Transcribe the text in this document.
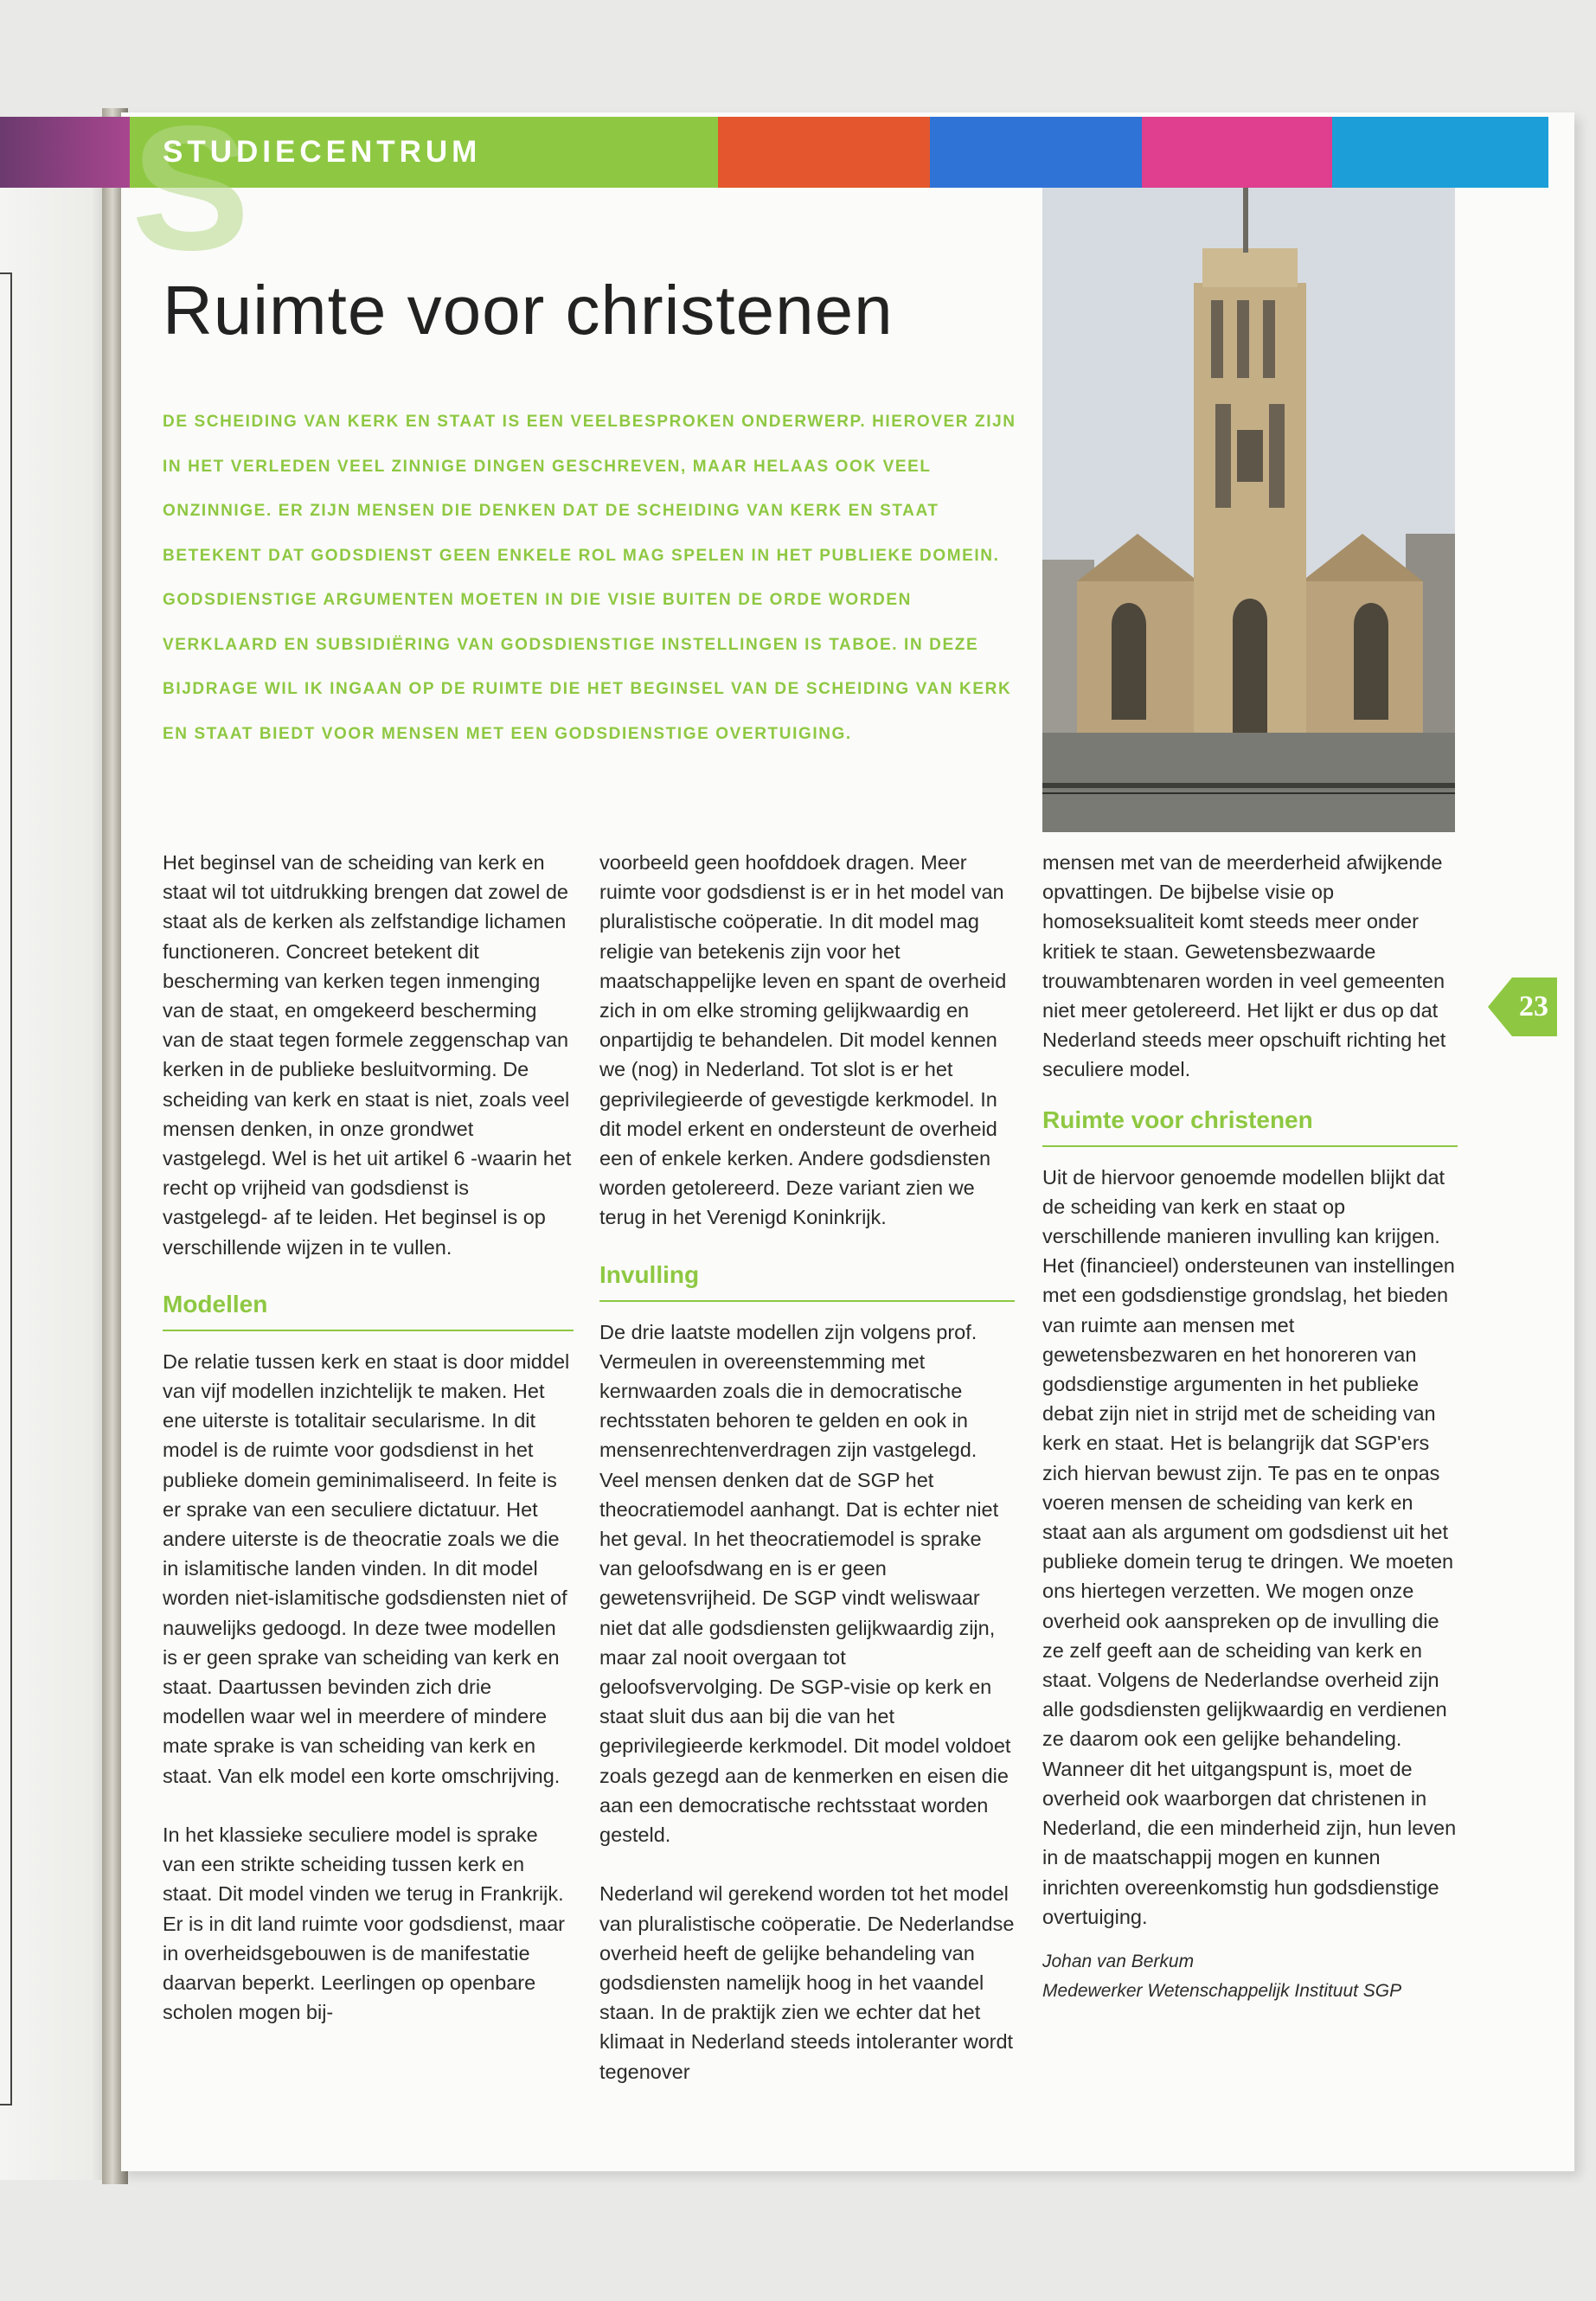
S
STUDIECENTRUM
Ruimte voor christenen

DE SCHEIDING VAN KERK EN STAAT IS EEN VEELBESPROKEN ONDERWERP. HIEROVER ZIJN IN HET VERLEDEN VEEL ZINNIGE DINGEN GESCHREVEN, MAAR HELAAS OOK VEEL ONZINNIGE. ER ZIJN MENSEN DIE DENKEN DAT DE SCHEIDING VAN KERK EN STAAT BETEKENT DAT GODSDIENST GEEN ENKELE ROL MAG SPELEN IN HET PUBLIEKE DOMEIN. GODSDIENSTIGE ARGUMENTEN MOETEN IN DIE VISIE BUITEN DE ORDE WORDEN VERKLAARD EN SUBSIDIËRING VAN GODSDIENSTIGE INSTELLINGEN IS TABOE. IN DEZE BIJDRAGE WIL IK INGAAN OP DE RUIMTE DIE HET BEGINSEL VAN DE SCHEIDING VAN KERK EN STAAT BIEDT VOOR MENSEN MET EEN GODSDIENSTIGE OVERTUIGING.

Het beginsel van de scheiding van kerk en staat wil tot uitdrukking brengen dat zowel de staat als de kerken als zelfstandige lichamen functioneren. Concreet betekent dit bescherming van kerken tegen inmenging van de staat, en omgekeerd bescherming van de staat tegen formele zeggenschap van kerken in de publieke besluitvorming. De scheiding van kerk en staat is niet, zoals veel mensen denken, in onze grondwet vastgelegd. Wel is het uit artikel 6 -waarin het recht op vrijheid van godsdienst is vastgelegd- af te leiden. Het beginsel is op verschillende wijzen in te vullen.

Modellen

De relatie tussen kerk en staat is door middel van vijf modellen inzichtelijk te maken. Het ene uiterste is totalitair secularisme. In dit model is de ruimte voor godsdienst in het publieke domein geminimaliseerd. In feite is er sprake van een seculiere dictatuur. Het andere uiterste is de theocratie zoals we die in islamitische landen vinden. In dit model worden niet-islamitische godsdiensten niet of nauwelijks gedoogd. In deze twee modellen is er geen sprake van scheiding van kerk en staat. Daartussen bevinden zich drie modellen waar wel in meerdere of mindere mate sprake is van scheiding van kerk en staat. Van elk model een korte omschrijving.

In het klassieke seculiere model is sprake van een strikte scheiding tussen kerk en staat. Dit model vinden we terug in Frankrijk. Er is in dit land ruimte voor godsdienst, maar in overheidsgebouwen is de manifestatie daarvan beperkt. Leerlingen op openbare scholen mogen bij-

voorbeeld geen hoofddoek dragen. Meer ruimte voor godsdienst is er in het model van pluralistische coöperatie. In dit model mag religie van betekenis zijn voor het maatschappelijke leven en spant de overheid zich in om elke stroming gelijkwaardig en onpartijdig te behandelen. Dit model kennen we (nog) in Nederland. Tot slot is er het geprivilegieerde of gevestigde kerkmodel. In dit model erkent en ondersteunt de overheid een of enkele kerken. Andere godsdiensten worden getolereerd. Deze variant zien we terug in het Verenigd Koninkrijk.

Invulling

De drie laatste modellen zijn volgens prof. Vermeulen in overeenstemming met kernwaarden zoals die in democratische rechtsstaten behoren te gelden en ook in mensenrechtenverdragen zijn vastgelegd. Veel mensen denken dat de SGP het theocratiemodel aanhangt. Dat is echter niet het geval. In het theocratiemodel is sprake van geloofsdwang en is er geen gewetensvrijheid. De SGP vindt weliswaar niet dat alle godsdiensten gelijkwaardig zijn, maar zal nooit overgaan tot geloofsvervolging. De SGP-visie op kerk en staat sluit dus aan bij die van het geprivilegieerde kerkmodel. Dit model voldoet zoals gezegd aan de kenmerken en eisen die aan een democratische rechtsstaat worden gesteld.

Nederland wil gerekend worden tot het model van pluralistische coöperatie. De Nederlandse overheid heeft de gelijke behandeling van godsdiensten namelijk hoog in het vaandel staan. In de praktijk zien we echter dat het klimaat in Nederland steeds intoleranter wordt tegenover

mensen met van de meerderheid afwijkende opvattingen. De bijbelse visie op homoseksualiteit komt steeds meer onder kritiek te staan. Gewetensbezwaarde trouwambtenaren worden in veel gemeenten niet meer getolereerd. Het lijkt er dus op dat Nederland steeds meer opschuift richting het seculiere model.

Ruimte voor christenen

Uit de hiervoor genoemde modellen blijkt dat de scheiding van kerk en staat op verschillende manieren invulling kan krijgen. Het (financieel) ondersteunen van instellingen met een godsdienstige grondslag, het bieden van ruimte aan mensen met gewetensbezwaren en het honoreren van godsdienstige argumenten in het publieke debat zijn niet in strijd met de scheiding van kerk en staat. Het is belangrijk dat SGP'ers zich hiervan bewust zijn. Te pas en te onpas voeren mensen de scheiding van kerk en staat aan als argument om godsdienst uit het publieke domein terug te dringen. We moeten ons hiertegen verzetten. We mogen onze overheid ook aanspreken op de invulling die ze zelf geeft aan de scheiding van kerk en staat. Volgens de Nederlandse overheid zijn alle godsdiensten gelijkwaardig en verdienen ze daarom ook een gelijke behandeling. Wanneer dit het uitgangspunt is, moet de overheid ook waarborgen dat christenen in Nederland, die een minderheid zijn, hun leven in de maatschappij mogen en kunnen inrichten overeenkomstig hun godsdienstige overtuiging.

Johan van Berkum

Medewerker Wetenschappelijk Instituut SGP

23
